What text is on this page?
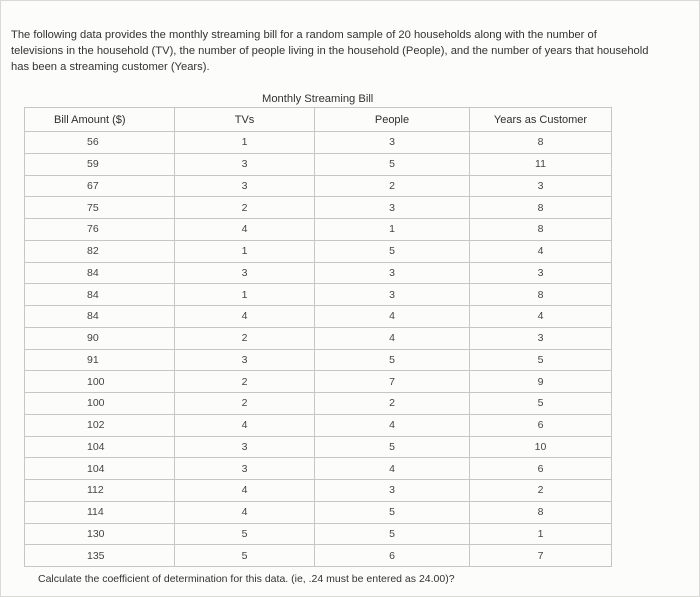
The following data provides the monthly streaming bill for a random sample of 20 households along with the number of televisions in the household (TV), the number of people living in the household (People), and the number of years that household has been a streaming customer (Years).
Monthly Streaming Bill
Bill Amount ($)	TVs	People	Years as Customer
56	1	3	8
59	3	5	11
67	3	2	3
75	2	3	8
76	4	1	8
82	1	5	4
84	3	3	3
84	1	3	8
84	4	4	4
90	2	4	3
91	3	5	5
100	2	7	9
100	2	2	5
102	4	4	6
104	3	5	10
104	3	4	6
112	4	3	2
114	4	5	8
130	5	5	1
135	5	6	7
Calculate the coefficient of determination for this data. (ie, .24 must be entered as 24.00)?
